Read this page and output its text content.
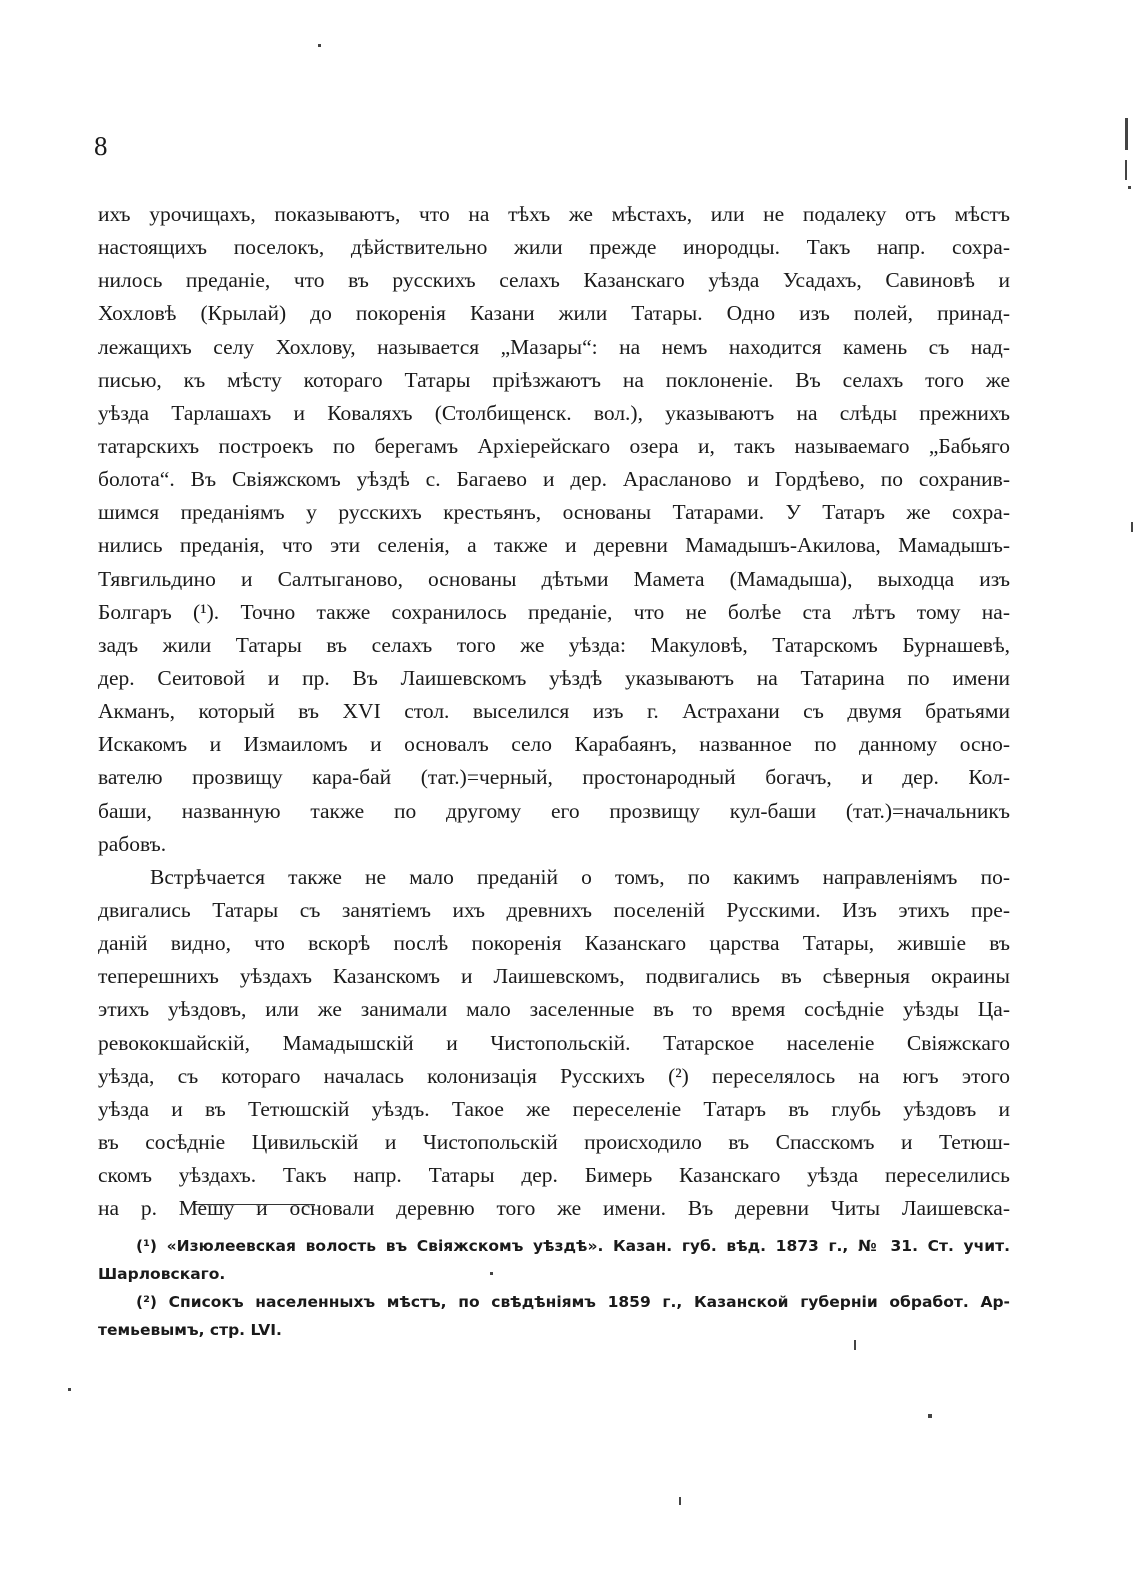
8
ихъ урочищахъ, показываютъ, что на тѣхъ же мѣстахъ, или не подалеку отъ мѣстъ
настоящихъ поселокъ, дѣйствительно жили прежде инородцы. Такъ напр. сохра-
нилось преданіе, что въ русскихъ селахъ Казанскаго уѣзда Усадахъ, Савиновѣ и
Хохловѣ (Крылай) до покоренія Казани жили Татары. Одно изъ полей, принад-
лежащихъ селу Хохлову, называется „Мазары“: на немъ находится камень съ над-
писью, къ мѣсту котораго Татары пріѣзжаютъ на поклоненіе. Въ селахъ того же
уѣзда Тарлашахъ и Коваляхъ (Столбищенск. вол.), указываютъ на слѣды прежнихъ
татарскихъ построекъ по берегамъ Архіерейскаго озера и, такъ называемаго „Бабьяго
болота“. Въ Свіяжскомъ уѣздѣ с. Багаево и дер. Арасланово и Гордѣево, по сохранив-
шимся преданіямъ у русскихъ крестьянъ, основаны Татарами. У Татаръ же сохра-
нились преданія, что эти селенія, а также и деревни Мамадышъ-Акилова, Мамадышъ-
Тявгильдино и Салтыганово, основаны дѣтьми Мамета (Мамадыша), выходца изъ
Болгаръ (¹). Точно также сохранилось преданіе, что не болѣе ста лѣтъ тому на-
задъ жили Татары въ селахъ того же уѣзда: Макуловѣ, Татарскомъ Бурнашевѣ,
дер. Сеитовой и пр. Въ Лаишевскомъ уѣздѣ указываютъ на Татарина по имени
Акманъ, который въ XVI стол. выселился изъ г. Астрахани съ двумя братьями
Искакомъ и Измаиломъ и основалъ село Карабаянъ, названное по данному осно-
вателю прозвищу кара-бай (тат.)=черный, простонародный богачъ, и дер. Кол-
баши, названную также по другому его прозвищу кул-баши (тат.)=начальникъ
рабовъ.
Встрѣчается также не мало преданій о томъ, по какимъ направленіямъ по-
двигались Татары съ занятіемъ ихъ древнихъ поселеній Русскими. Изъ этихъ пре-
даній видно, что вскорѣ послѣ покоренія Казанскаго царства Татары, жившіе въ
теперешнихъ уѣздахъ Казанскомъ и Лаишевскомъ, подвигались въ сѣверныя окраины
этихъ уѣздовъ, или же занимали мало заселенные въ то время сосѣдніе уѣзды Ца-
ревококшайскій, Мамадышскій и Чистопольскій. Татарское населеніе Свіяжскаго
уѣзда, съ котораго началась колонизація Русскихъ (²) переселялось на югъ этого
уѣзда и въ Тетюшскій уѣздъ. Такое же переселеніе Татаръ въ глубь уѣздовъ и
въ сосѣдніе Цивильскій и Чистопольскій происходило въ Спасскомъ и Тетюш-
скомъ уѣздахъ. Такъ напр. Татары дер. Бимерь Казанскаго уѣзда переселились
на р. Мешу и основали деревню того же имени. Въ деревни Читы Лаишевска-
(¹) «Изюлеевская волость въ Свіяжскомъ уѣздѣ». Казан. губ. вѣд. 1873 г., № 31. Ст. учит.
Шарловскаго.
(²) Списокъ населенныхъ мѣстъ, по свѣдѣніямъ 1859 г., Казанской губерніи обработ. Ар-
темьевымъ, стр. LVI.
